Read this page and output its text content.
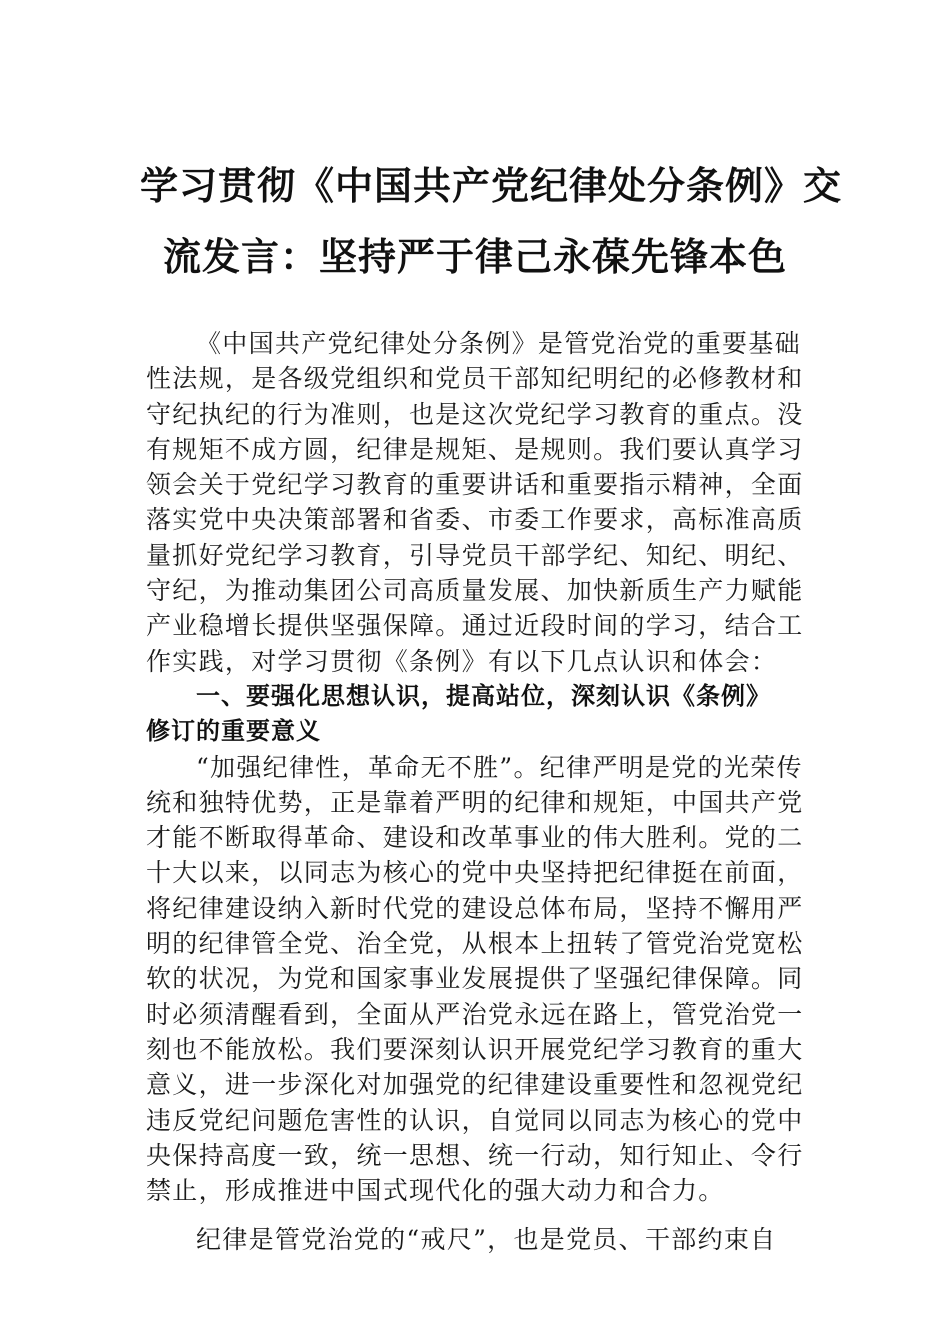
学习贯彻《中国共产党纪律处分条例》交
流发言：坚持严于律己永葆先锋本色
《中国共产党纪律处分条例》是管党治党的重要基础
性法规，是各级党组织和党员干部知纪明纪的必修教材和
守纪执纪的行为准则，也是这次党纪学习教育的重点。没
有规矩不成方圆，纪律是规矩、是规则。我们要认真学习
领会关于党纪学习教育的重要讲话和重要指示精神，全面
落实党中央决策部署和省委、市委工作要求，高标准高质
量抓好党纪学习教育，引导党员干部学纪、知纪、明纪、
守纪，为推动集团公司高质量发展、加快新质生产力赋能
产业稳增长提供坚强保障。通过近段时间的学习，结合工
作实践，对学习贯彻《条例》有以下几点认识和体会：
一、要强化思想认识，提高站位，深刻认识《条例》
修订的重要意义
“加强纪律性，革命无不胜”。纪律严明是党的光荣传
统和独特优势，正是靠着严明的纪律和规矩，中国共产党
才能不断取得革命、建设和改革事业的伟大胜利。党的二
十大以来，以同志为核心的党中央坚持把纪律挺在前面，
将纪律建设纳入新时代党的建设总体布局，坚持不懈用严
明的纪律管全党、治全党，从根本上扭转了管党治党宽松
软的状况，为党和国家事业发展提供了坚强纪律保障。同
时必须清醒看到，全面从严治党永远在路上，管党治党一
刻也不能放松。我们要深刻认识开展党纪学习教育的重大
意义，进一步深化对加强党的纪律建设重要性和忽视党纪
违反党纪问题危害性的认识，自觉同以同志为核心的党中
央保持高度一致，统一思想、统一行动，知行知止、令行
禁止，形成推进中国式现代化的强大动力和合力。
纪律是管党治党的“戒尺”，也是党员、干部约束自
